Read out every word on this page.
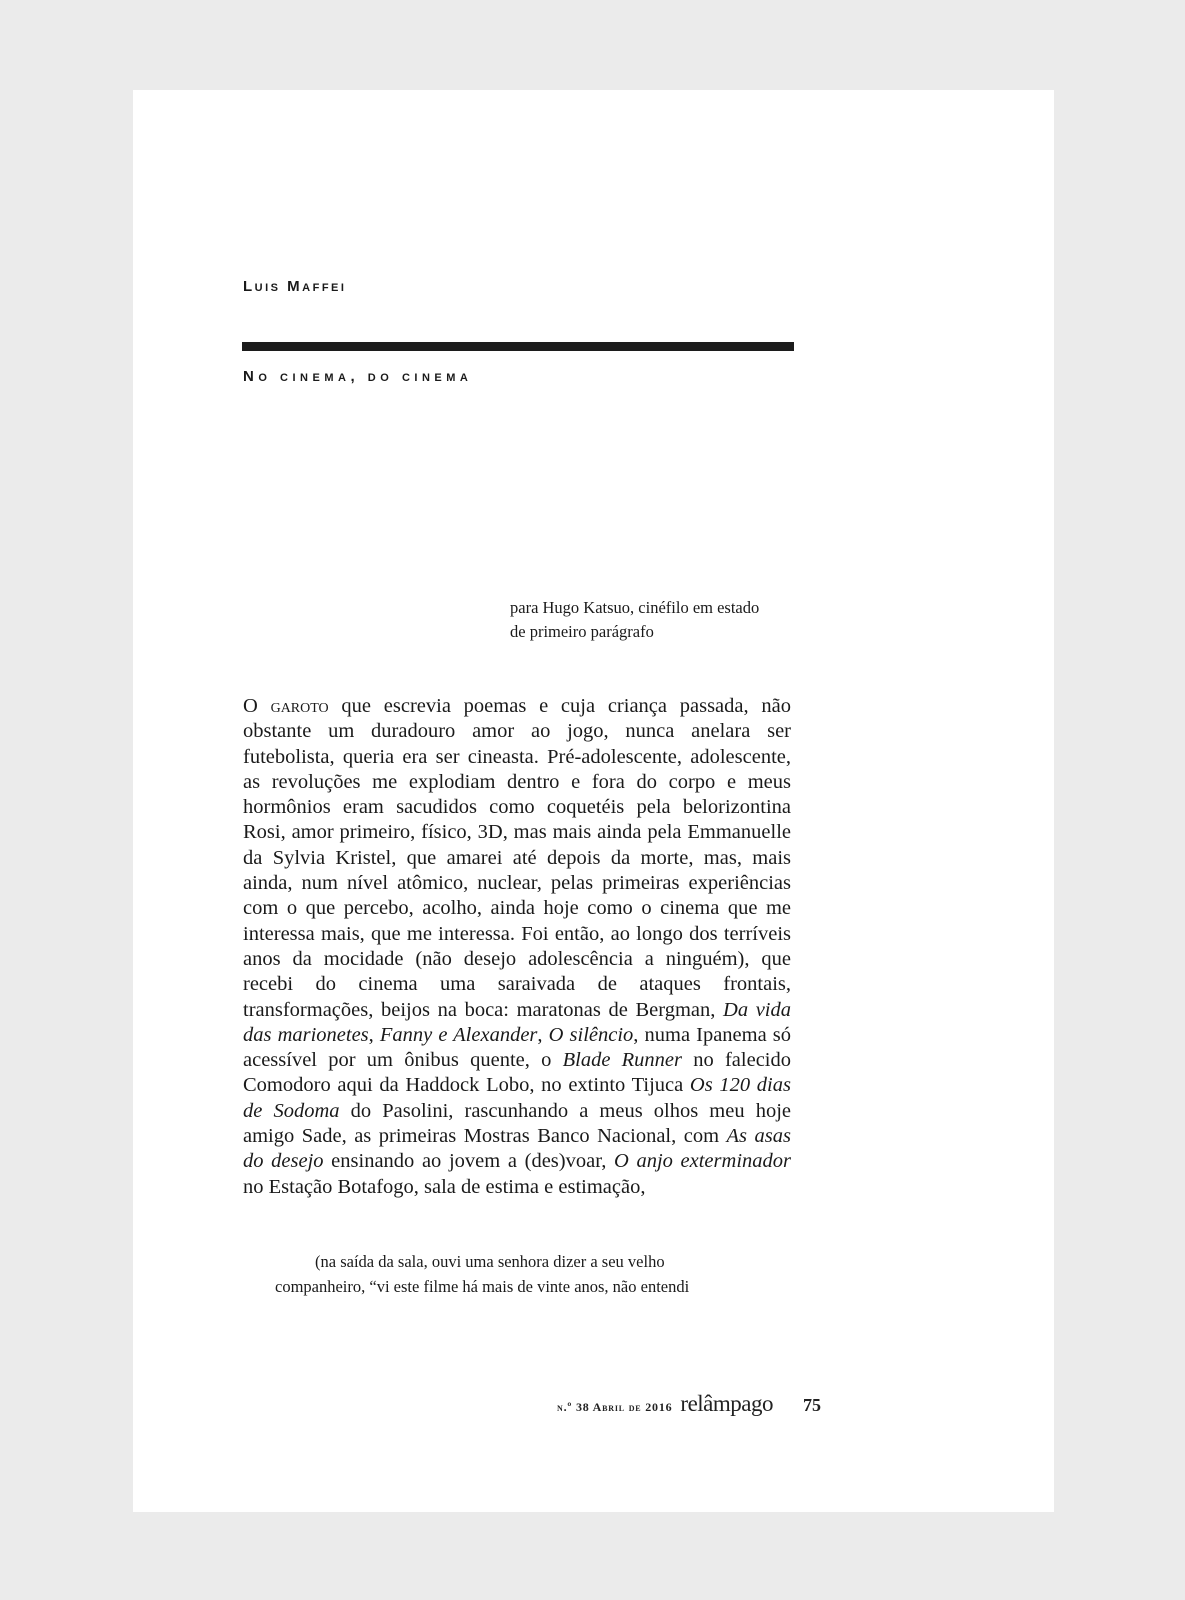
Luis Maffei
No cinema, do cinema

para Hugo Katsuo, cinéfilo em estado
de primeiro parágrafo

O garoto que escrevia poemas e cuja criança passada, não obstante um duradouro amor ao jogo, nunca anelara ser futebolista, queria era ser cineasta. Pré-adolescente, adolescente, as revoluções me explodiam dentro e fora do corpo e meus hormônios eram sacudidos como coquetéis pela belorizontina Rosi, amor primeiro, físico, 3D, mas mais ainda pela Emmanuelle da Sylvia Kristel, que amarei até depois da morte, mas, mais ainda, num nível atômico, nuclear, pelas primeiras experiências com o que percebo, acolho, ainda hoje como o cinema que me interessa mais, que me interessa. Foi então, ao longo dos terríveis anos da mocidade (não desejo adolescência a ninguém), que recebi do cinema uma saraivada de ataques frontais, transformações, beijos na boca: maratonas de Bergman, Da vida das marionetes, Fanny e Alexander, O silêncio, numa Ipanema só acessível por um ônibus quente, o Blade Runner no falecido Comodoro aqui da Haddock Lobo, no extinto Tijuca Os 120 dias de Sodoma do Pasolini, rascunhando a meus olhos meu hoje amigo Sade, as primeiras Mostras Banco Nacional, com As asas do desejo ensinando ao jovem a (des)voar, O anjo exterminador no Estação Botafogo, sala de estima e estimação,

(na saída da sala, ouvi uma senhora dizer a seu velho
companheiro, “vi este filme há mais de vinte anos, não entendi

n.º 38 Abril de 2016 relâmpago 75
